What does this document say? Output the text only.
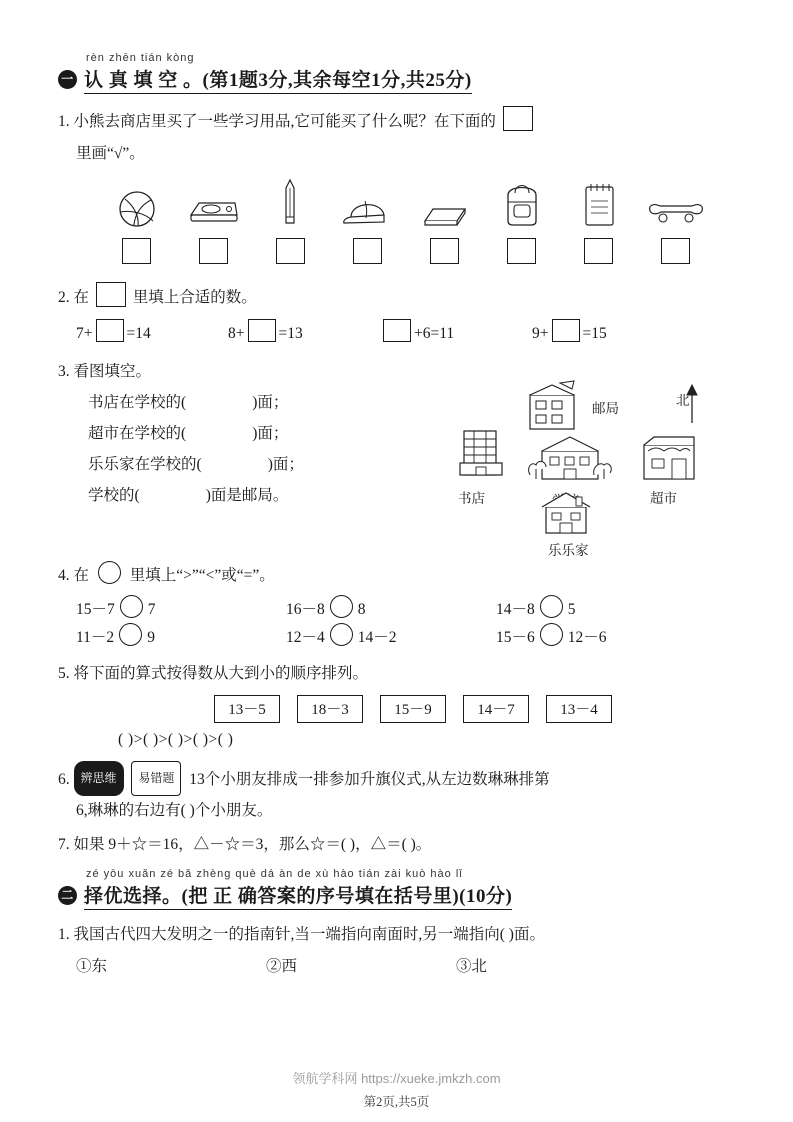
rèn zhēn tián kòng
一 认 真 填 空 。 (第1题3分,其余每空1分,共25分)
1. 小熊去商店里买了一些学习用品,它可能买了什么呢？在下面的
里画“√”。
2. 在	里填上合适的数。
7+ =14	8+ =13	+6=11	9+ =15
3. 看图填空。
书店在学校的(　　　　	)面；
超市在学校的(　　　　	)面；
乐乐家在学校的(　　　　	)面；
学校的(　　　　	)面是邮局。
邮局
北
书店	超市
乐乐家
4. 在	里填上“>”“<”或“=”。
15－7 7	16－8 8	14－8 5
11－2 9	12－4 14－2	15－6 12－6
5. 将下面的算式按得数从大到小的顺序排列。
13－5	18－3	15－9	14－7	13－4
( )>( )>( )>( )>( )
6. 辨思维 易错题 13个小朋友排成一排参加升旗仪式,从左边数琳琳排第
6,琳琳的右边有( )个小朋友。
7. 如果 9＋☆＝16，△－☆＝3，那么☆＝( )，△＝( )。
zé yōu xuǎn zé bǎ zhèng què dá àn de xù hào tián zài kuò hào lǐ
二 择优选择。 (把 正 确答案的序号填在括号里)(10分)
1. 我国古代四大发明之一的指南针,当一端指向南面时,另一端指向( )面。
①东	②西	③北
领航学科网 https://xueke.jmkzh.com
第2页,共5页
